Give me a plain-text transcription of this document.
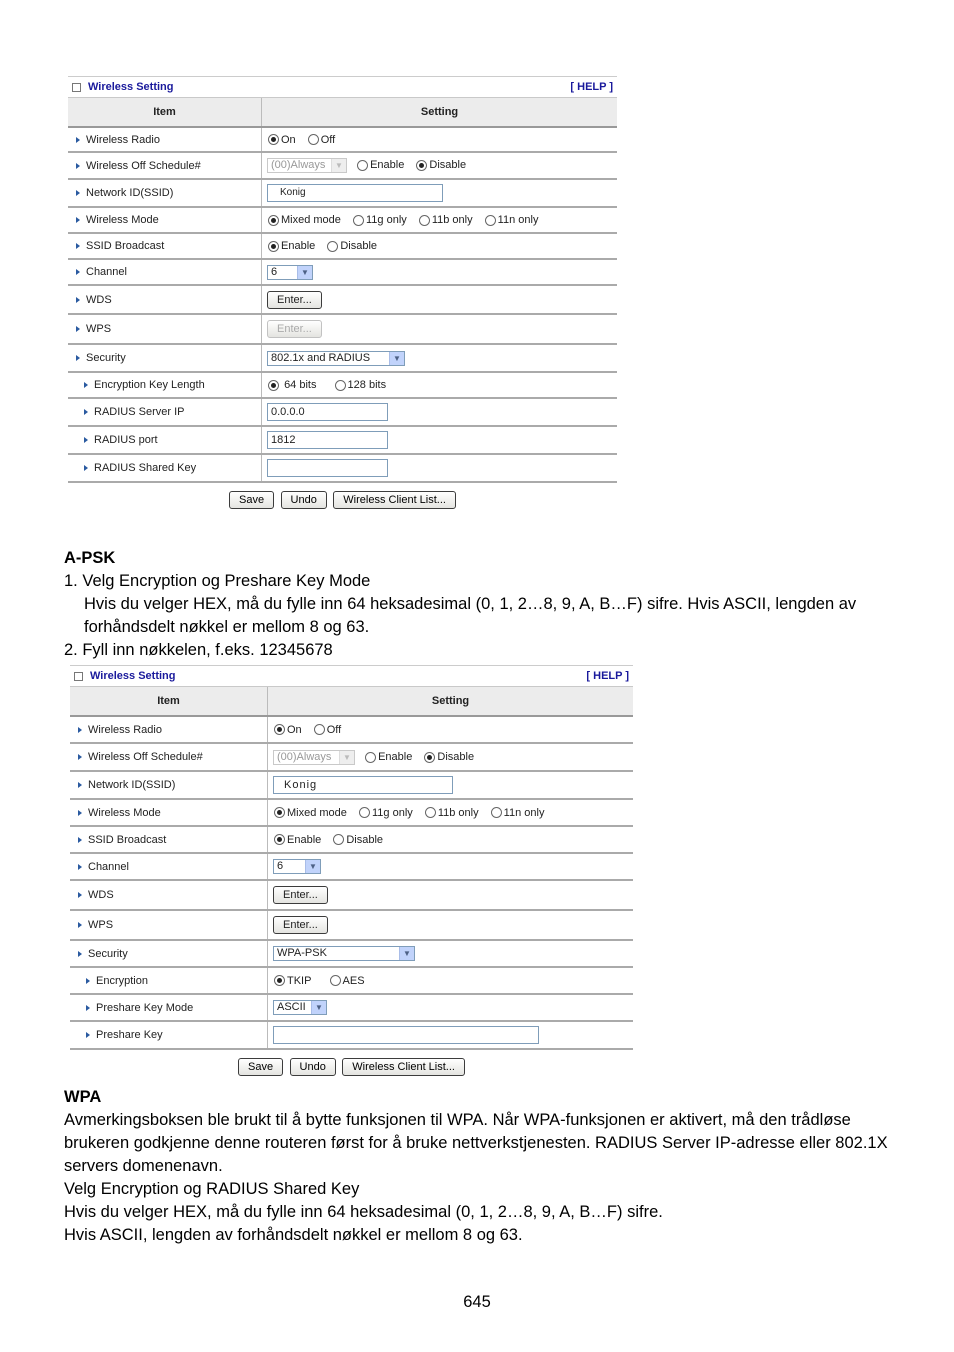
Wireless Setting	[ HELP ]
Item	Setting
Wireless Radio	On Off
Wireless Off Schedule#	(00)Always ▼ Enable Disable
Network ID(SSID)	Konig
Wireless Mode	Mixed mode 11g only 11b only 11n only
SSID Broadcast	Enable Disable
Channel	6 ▼

WDS	Enter...
WPS	Enter...
Security	802.1x and RADIUS ▼

Encryption Key Length	64 bits 128 bits
RADIUS Server IP	0.0.0.0
RADIUS port	1812
RADIUS Shared Key	
Save Undo Wireless Client List...

A-PSK

1. Velg Encryption og Preshare Key Mode

Hvis du velger HEX, må du fylle inn 64 heksadesimal (0, 1, 2…8, 9, A, B…F) sifre. Hvis ASCII, lengden av forhåndsdelt nøkkel er mellom 8 og 63.

2. Fyll inn nøkkelen, f.eks. 12345678

Wireless Setting	[ HELP ]
Item	Setting
Wireless Radio	On Off
Wireless Off Schedule#	(00)Always ▼ Enable Disable
Network ID(SSID)	Konig
Wireless Mode	Mixed mode 11g only 11b only 11n only
SSID Broadcast	Enable Disable
Channel	6 ▼

WDS	Enter...
WPS	Enter...
Security	WPA-PSK ▼

Encryption	TKIP AES
Preshare Key Mode	ASCII ▼

Preshare Key	
Save Undo Wireless Client List...

WPA

Avmerkingsboksen ble brukt til å bytte funksjonen til WPA. Når WPA-funksjonen er aktivert, må den trådløse brukeren godkjenne denne routeren først for å bruke nettverkstjenesten. RADIUS Server IP-adresse eller 802.1X servers domenenavn.

Velg Encryption og RADIUS Shared Key

Hvis du velger HEX, må du fylle inn 64 heksadesimal (0, 1, 2…8, 9, A, B…F) sifre.

Hvis ASCII, lengden av forhåndsdelt nøkkel er mellom 8 og 63.

645
